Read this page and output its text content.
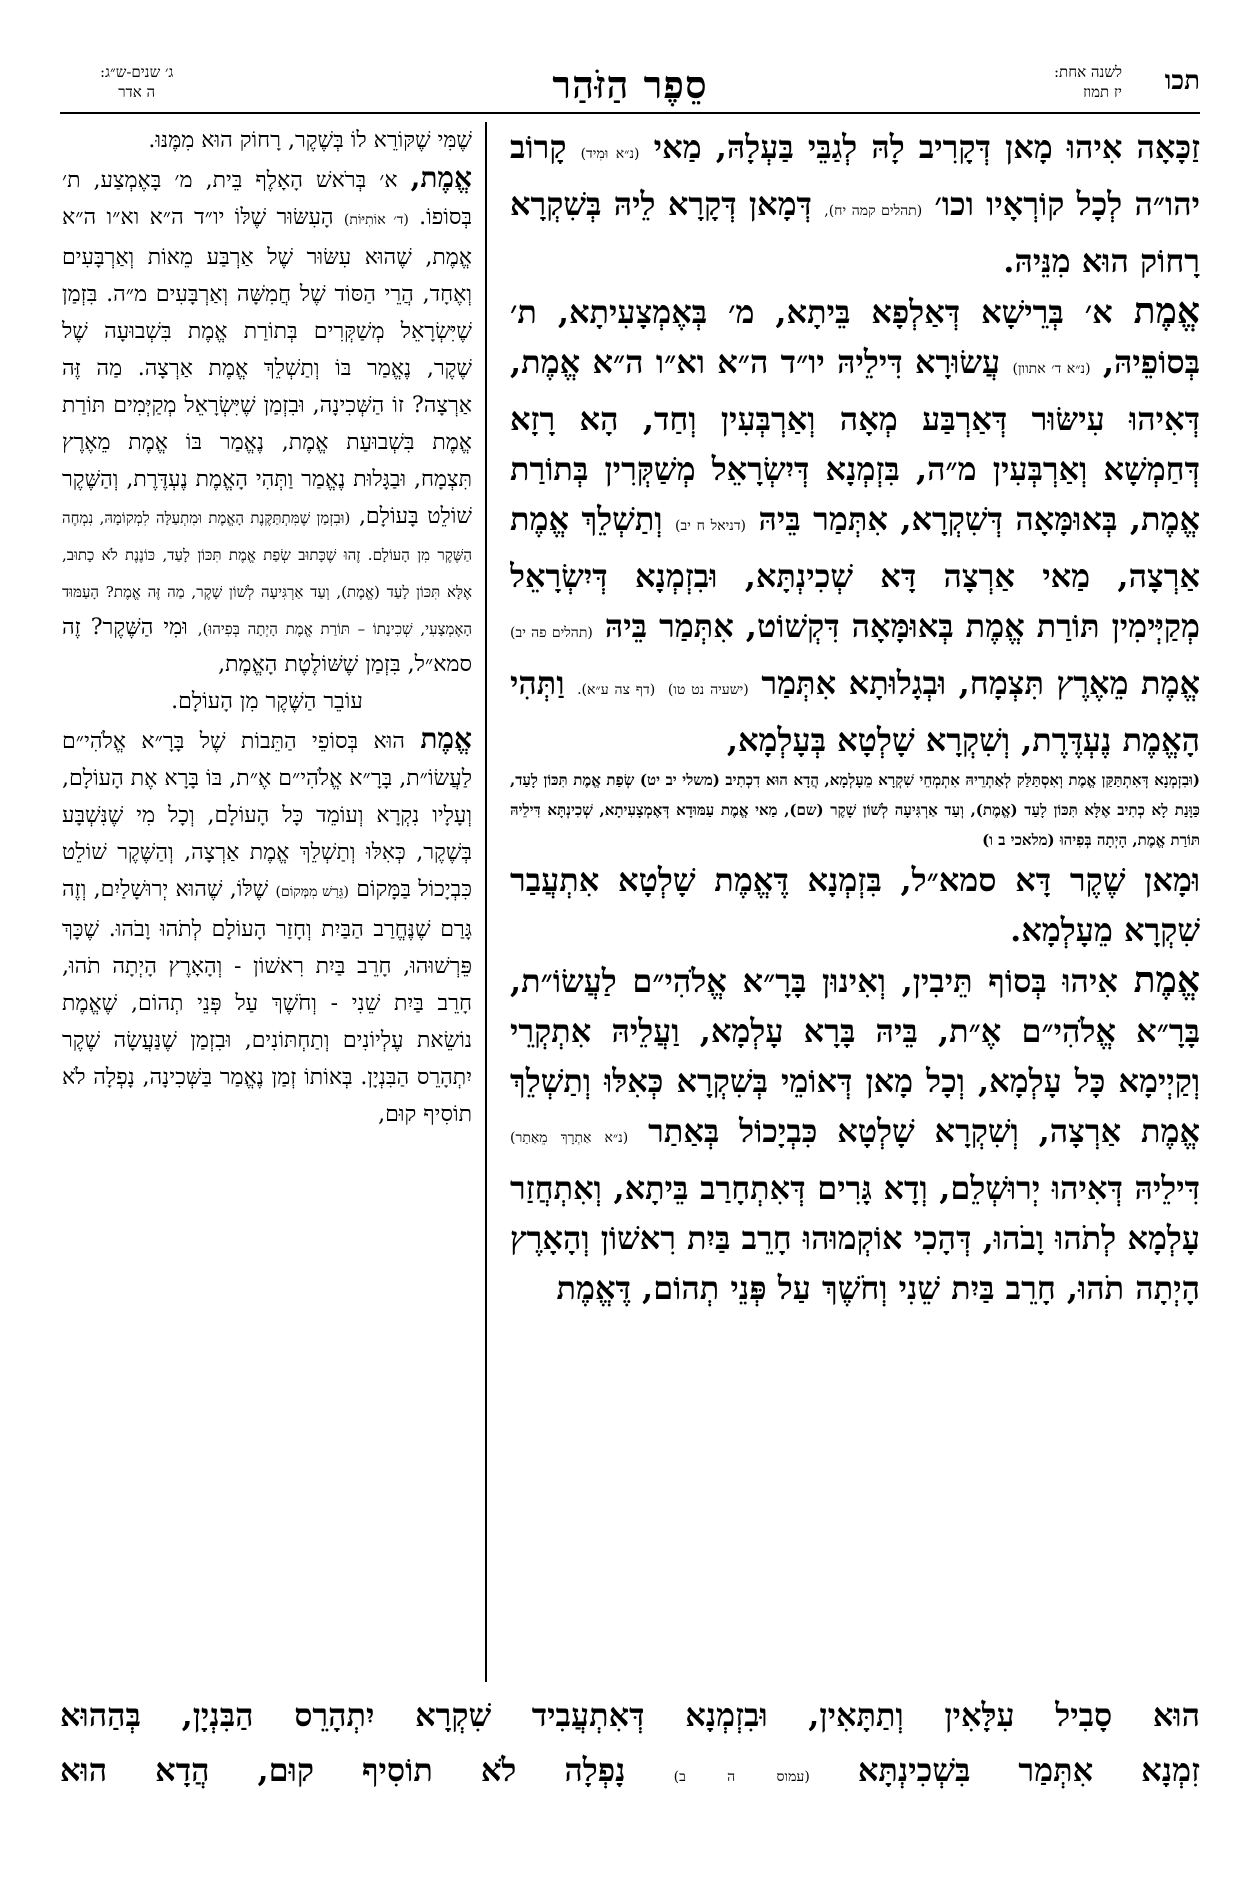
תכו
לשנה אחת:
יז תמוז
סֵפֶר הַזֹּהַר
ג׳ שנים-ש״ג:
ה אדר

זַכָּאָה אִיהוּ מָאן דְּקָרִיב לָהּ לְגַבֵּי בַּעְלָהּ, מַאי (נ״א וּמִיד) קָרוֹב יהו״ה לְכָל קוֹרְאָיו וכו׳ (תהלים קמה יח), דְּמָאן דְּקָרָא לֵיהּ בְּשִׁקְרָא רָחוֹק הוּא מִנֵּיהּ.

אֱמֶת א׳ בְּרֵישָׁא דְּאַלְפָא בֵּיתָא, מ׳ בְּאֶמְצָעִיתָא, ת׳ בְּסוֹפֵיהּ, (נ״א ד׳ אתוון) עֲשׂוּרָא דִּילֵיהּ יו״ד ה״א וא״ו ה״א אֱמֶת, דְּאִיהוּ עִישּׂוּר דְּאַרְבַּע מְאָה וְאַרְבְּעִין וְחַד, הָא רָזָא דְּחַמְשָׁא וְאַרְבְּעִין מ״ה, בִּזְמְנָא דְּיִשְׂרָאֵל מְשַׁקְּרִין בְּתוֹרַת אֱמֶת, בְּאוּמָּאָה דְּשִׁקְרָא, אִתְּמַר בֵּיהּ (דניאל ח יב) וְתַשְׁלֵךְ אֱמֶת אַרְצָה, מַאי אַרְצָה דָּא שְׁכִינְתָּא, וּבִזְמְנָא דְּיִשְׂרָאֵל מְקַיְּימִין תּוֹרַת אֱמֶת בְּאוּמָּאָה דִּקְשׁוֹט, אִתְּמַר בֵּיהּ (תהלים פה יב) אֱמֶת מֵאֶרֶץ תִּצְמָח, וּבְגָלוּתָא אִתְּמַר (ישעיה נט טו) (דף צה ע״א). וַתְּהִי הָאֱמֶת נֶעְדֶּרֶת, וְשִׁקְרָא שָׁלְטָא בְּעָלְמָא,
(וּבִזְמְנָא דְּאִתְתַּקַּן אֱמֶת וְאִסְתַּלַּק לְאַתְרֵיהּ אִתְמְחֵי שִׁקְרָא מֵעָלְמָא, הֲדָא הוּא דִכְתִיב (משלי יב יט) שְׂפַת אֱמֶת תִּכּוֹן לָעַד, כַּוָּנַת לָא כְתִיב אֶלָּא תִּכּוֹן לָעַד (אֱמֶת), וְעַד אַרְגִּיעָה לְשׁוֹן שָׁקֶר (שם), מַאי אֱמֶת עַמּוּדָא דְּאֶמְצָעִיתָא, שְׁכִינְתָּא דִּילֵיהּ תּוֹרַת אֱמֶת, הָיְתָה בְּפִיהוּ (מלאכי ב ו)
וּמָאן שֶׁקֶר דָּא סמא״ל, בִּזְמְנָא דֶּאֱמֶת שָׁלְטָא אִתְעֲבַר שִׁקְרָא מֵעָלְמָא.

אֱמֶת אִיהוּ בְּסוֹף תֵּיבִין, וְאִינוּן בָּרָ״א אֱלֹהִי״ם לַעֲשׂוֹ״ת, בָּרָ״א אֱלֹהִי״ם אֶ״ת, בֵּיהּ בָּרָא עָלְמָא, וַעֲלֵיהּ אִתְקְרֵי וְקַיְימָא כָּל עָלְמָא, וְכָל מָאן דְּאוֹמֵי בְּשִׁקְרָא כְּאִלּוּ וְתַשְׁלֵךְ אֱמֶת אַרְצָה, וְשִׁקְרָא שָׁלְטָא כִּבְיָכוֹל בְּאַתַר (נ״א אַתְרָךְ מֵאַתַר) דִּילֵיהּ דְּאִיהוּ יְרוּשְׁלֵם, וְדָא גָּרִים דְּאִתְחָרַב בֵּיתָא, וְאִתְחֲזַר עָלְמָא לְתֹהוּ וָבֹהוּ, דְּהָכִי אוֹקְמוּהוּ חָרֵב בַּיִת רִאשׁוֹן וְהָאָרֶץ הָיְתָה תֹהוּ, חָרֵב בַּיִת שֵׁנִי וְחֹשֶׁךְ עַל פְּנֵי תְהוֹם, דֶּאֱמֶת

שֶׁמִּי שֶׁקּוֹרֵא לוֹ בְּשֶׁקֶר, רָחוֹק הוּא מִמֶּנּוּ.

אֱמֶת, א׳ בְּרֹאשׁ הָאָלֶף בֵּית, מ׳ בָּאֶמְצַע, ת׳ בְּסוֹפוֹ. (ד׳ אוֹתִיּוֹת) הָעִשּׂוּר שֶׁלּוֹ יו״ד ה״א וא״ו ה״א אֱמֶת, שֶׁהוּא עִשּׂוּר שֶׁל אַרְבַּע מֵאוֹת וְאַרְבָּעִים וְאֶחָד, הֲרֵי הַסּוֹד שֶׁל חֲמִשָּׁה וְאַרְבָּעִים מ״ה. בִּזְמַן שֶׁיִּשְׂרָאֵל מְשַׁקְּרִים בְּתוֹרַת אֱמֶת בִּשְׁבוּעָה שֶׁל שֶׁקֶר, נֶאֱמַר בּוֹ וְתַשְׁלֵךְ אֱמֶת אַרְצָה. מַה זֶּה אַרְצָה? זוֹ הַשְּׁכִינָה, וּבִזְמַן שֶׁיִּשְׂרָאֵל מְקַיְּמִים תּוֹרַת אֱמֶת בִּשְׁבוּעַת אֱמֶת, נֶאֱמַר בּוֹ אֱמֶת מֵאֶרֶץ תִּצְמָח, וּבַגָּלוּת נֶאֱמַר וַתְּהִי הָאֱמֶת נֶעְדֶּרֶת, וְהַשֶּׁקֶר שׁוֹלֵט בָּעוֹלָם, (וּבִזְמַן שֶׁמִּתְתַּקֶּנֶת הָאֱמֶת וּמִתְעַלָּה לִמְקוֹמָהּ, נִמְחֶה הַשֶּׁקֶר מִן הָעוֹלָם. זֶהוּ שֶׁכָּתוּב שְׂפַת אֱמֶת תִּכּוֹן לָעַד, כּוֹנֶנֶת לֹא כָתוּב, אֶלָּא תִּכּוֹן לָעַד (אֱמֶת), וְעַד אַרְגִּיעָה לְשׁוֹן שָׁקֶר, מַה זֶּה אֱמֶת? הָעַמּוּד הָאֶמְצָעִי, שְׁכִינָתוֹ – תּוֹרַת אֱמֶת הָיְתָה בְּפִיהוּ), וּמִי הַשֶּׁקֶר? זֶה סמא״ל, בִּזְמַן שֶׁשּׁוֹלֶטֶת הָאֱמֶת,
עוֹבֵר הַשֶּׁקֶר מִן הָעוֹלָם.

אֱמֶת הוּא בְּסוֹפֵי הַתֵּבוֹת שֶׁל בָּרָ״א אֱלֹהִי״ם לַעֲשׂוֹ״ת, בָּרָ״א אֱלֹהִי״ם אֶ״ת, בּוֹ בָּרָא אֶת הָעוֹלָם, וְעָלָיו נִקְרָא וְעוֹמֵד כָּל הָעוֹלָם, וְכָל מִי שֶׁנִּשְׁבָּע בְּשֶׁקֶר, כְּאִלּוּ וְתַשְׁלֵךְ אֱמֶת אַרְצָה, וְהַשֶּׁקֶר שׁוֹלֵט כִּבְיָכוֹל בַּמָּקוֹם (גֵּרַשׁ מִמְּקוֹם) שֶׁלּוֹ, שֶׁהוּא יְרוּשָׁלַיִם, וְזֶה גָּרַם שֶׁנֶּחֱרַב הַבַּיִת וְחָזַר הָעוֹלָם לְתֹהוּ וָבֹהוּ. שֶׁכָּךְ פֵּרְשׁוּהוּ, חָרֵב בַּיִת רִאשׁוֹן - וְהָאָרֶץ הָיְתָה תֹהוּ, חָרֵב בַּיִת שֵׁנִי - וְחֹשֶׁךְ עַל פְּנֵי תְהוֹם, שֶׁאֱמֶת נוֹשֵׂאת עֶלְיוֹנִים וְתַחְתּוֹנִים, וּבִזְמַן שֶׁנַּעֲשָׂה שֶׁקֶר יִתְהָרֵס הַבִּנְיָן. בְּאוֹתוֹ זְמַן נֶאֱמַר בַּשְּׁכִינָה, נָפְלָה לֹא תוֹסִיף קוּם,

הוּא סָבִיל עִלָּאִין וְתַתָּאִין, וּבִזְמְנָא דְּאִתְעֲבִיד שִׁקְרָא יִתְהָרֵס הַבִּנְיָן, בְּהַהוּא
זִמְנָא אִתְּמַר בִּשְׁכִינְתָּא (עמוס ה ב) נָפְלָה לֹא תוֹסִיף קוּם, הֲדָא הוּא
